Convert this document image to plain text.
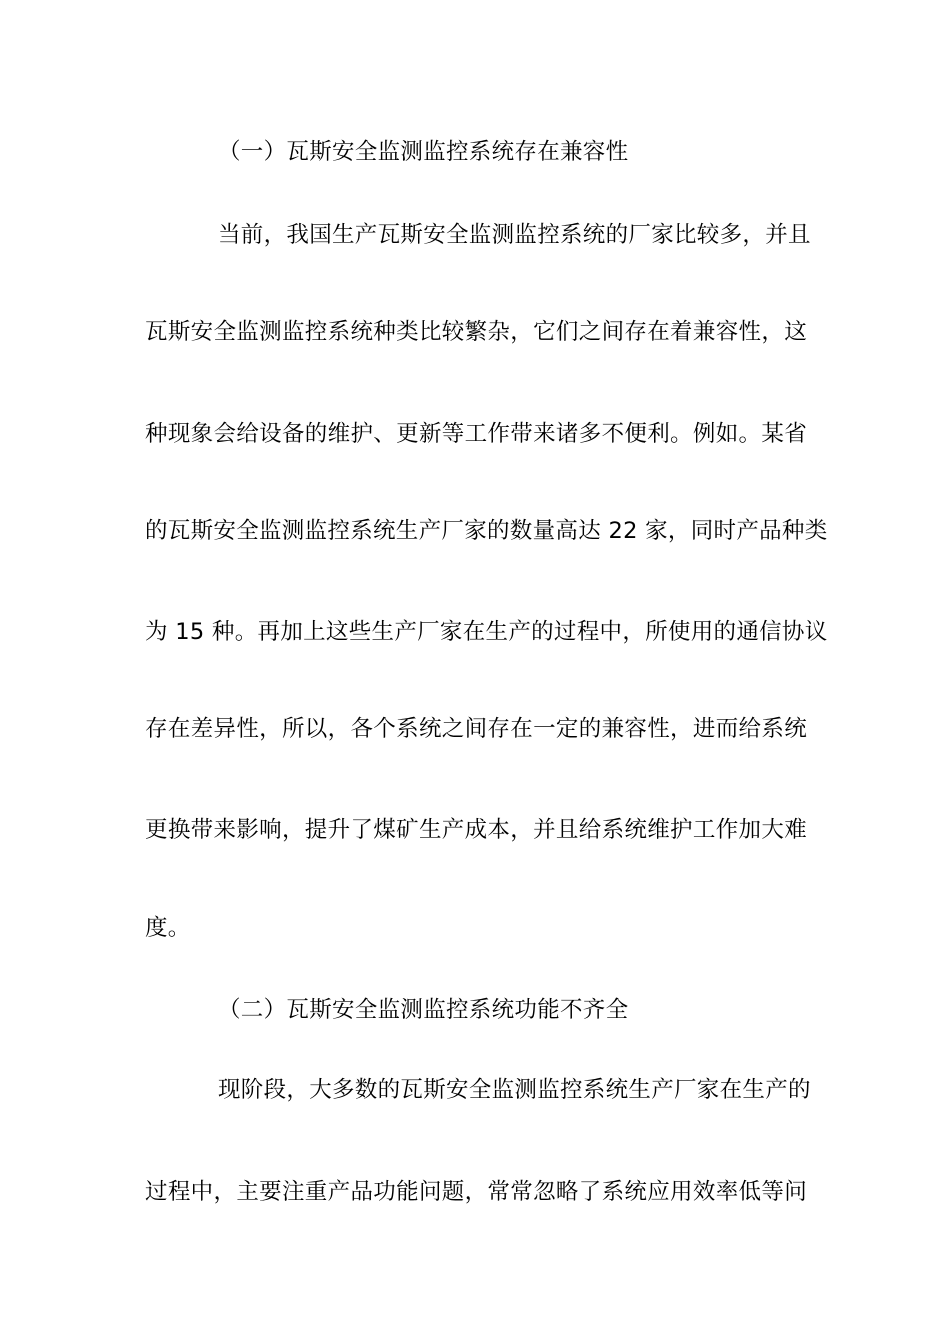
（一）瓦斯安全监测监控系统存在兼容性
当前，我国生产瓦斯安全监测监控系统的厂家比较多，并且
瓦斯安全监测监控系统种类比较繁杂，它们之间存在着兼容性，这
种现象会给设备的维护、更新等工作带来诸多不便利。例如。某省
的瓦斯安全监测监控系统生产厂家的数量高达 22 家，同时产品种类
为 15 种。再加上这些生产厂家在生产的过程中，所使用的通信协议
存在差异性，所以，各个系统之间存在一定的兼容性，进而给系统
更换带来影响，提升了煤矿生产成本，并且给系统维护工作加大难
度。
（二）瓦斯安全监测监控系统功能不齐全
现阶段，大多数的瓦斯安全监测监控系统生产厂家在生产的
过程中，主要注重产品功能问题，常常忽略了系统应用效率低等问
